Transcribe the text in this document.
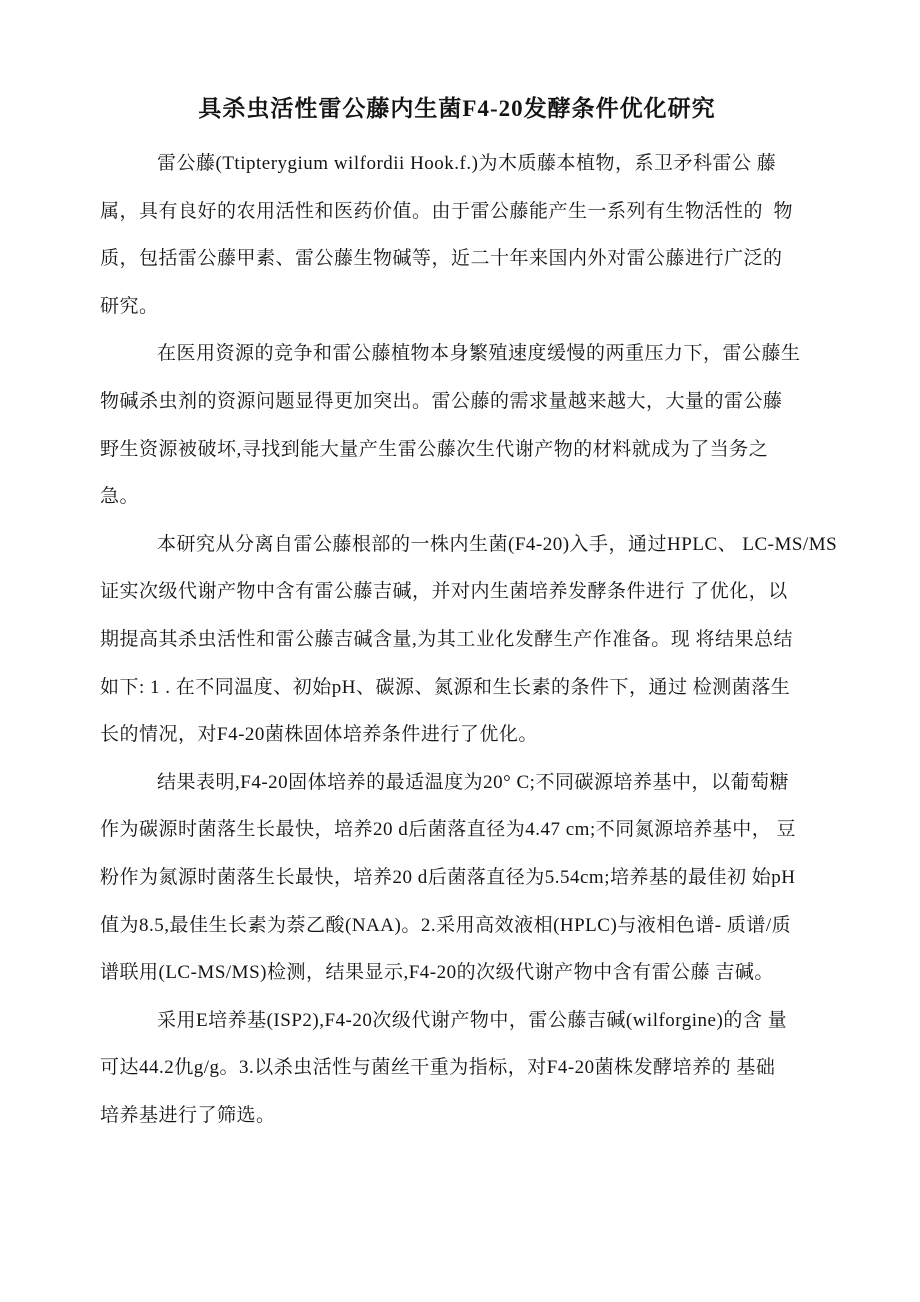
具杀虫活性雷公藤内生菌F4-20发酵条件优化研究
雷公藤(Ttipterygium wilfordii Hook.f.)为木质藤本植物，系卫矛科雷公 藤
属，具有良好的农用活性和医药价值。由于雷公藤能产生一系列有生物活性的  物
质，包括雷公藤甲素、雷公藤生物碱等，近二十年来国内外对雷公藤进行广泛的
研究。
在医用资源的竞争和雷公藤植物本身繁殖速度缓慢的两重压力下，雷公藤生
物碱杀虫剂的资源问题显得更加突出。雷公藤的需求量越来越大，大量的雷公藤
野生资源被破坏,寻找到能大量产生雷公藤次生代谢产物的材料就成为了当务之
急。
本研究从分离自雷公藤根部的一株内生菌(F4-20)入手，通过HPLC、 LC-MS/MS
证实次级代谢产物中含有雷公藤吉碱，并对内生菌培养发酵条件进行 了优化，以
期提高其杀虫活性和雷公藤吉碱含量,为其工业化发酵生产作准备。现 将结果总结
如下: 1 . 在不同温度、初始pH、碳源、氮源和生长素的条件下，通过 检测菌落生
长的情况，对F4-20菌株固体培养条件进行了优化。
结果表明,F4-20固体培养的最适温度为20° C;不同碳源培养基中，以葡萄糖
作为碳源时菌落生长最快，培养20 d后菌落直径为4.47 cm;不同氮源培养基中， 豆
粉作为氮源时菌落生长最快，培养20 d后菌落直径为5.54cm;培养基的最佳初 始pH
值为8.5,最佳生长素为萘乙酸(NAA)。2.采用高效液相(HPLC)与液相色谱- 质谱/质
谱联用(LC-MS/MS)检测，结果显示,F4-20的次级代谢产物中含有雷公藤 吉碱。
采用E培养基(ISP2),F4-20次级代谢产物中，雷公藤吉碱(wilforgine)的含 量
可达44.2仇g/g。3.以杀虫活性与菌丝干重为指标，对F4-20菌株发酵培养的 基础
培养基进行了筛选。
